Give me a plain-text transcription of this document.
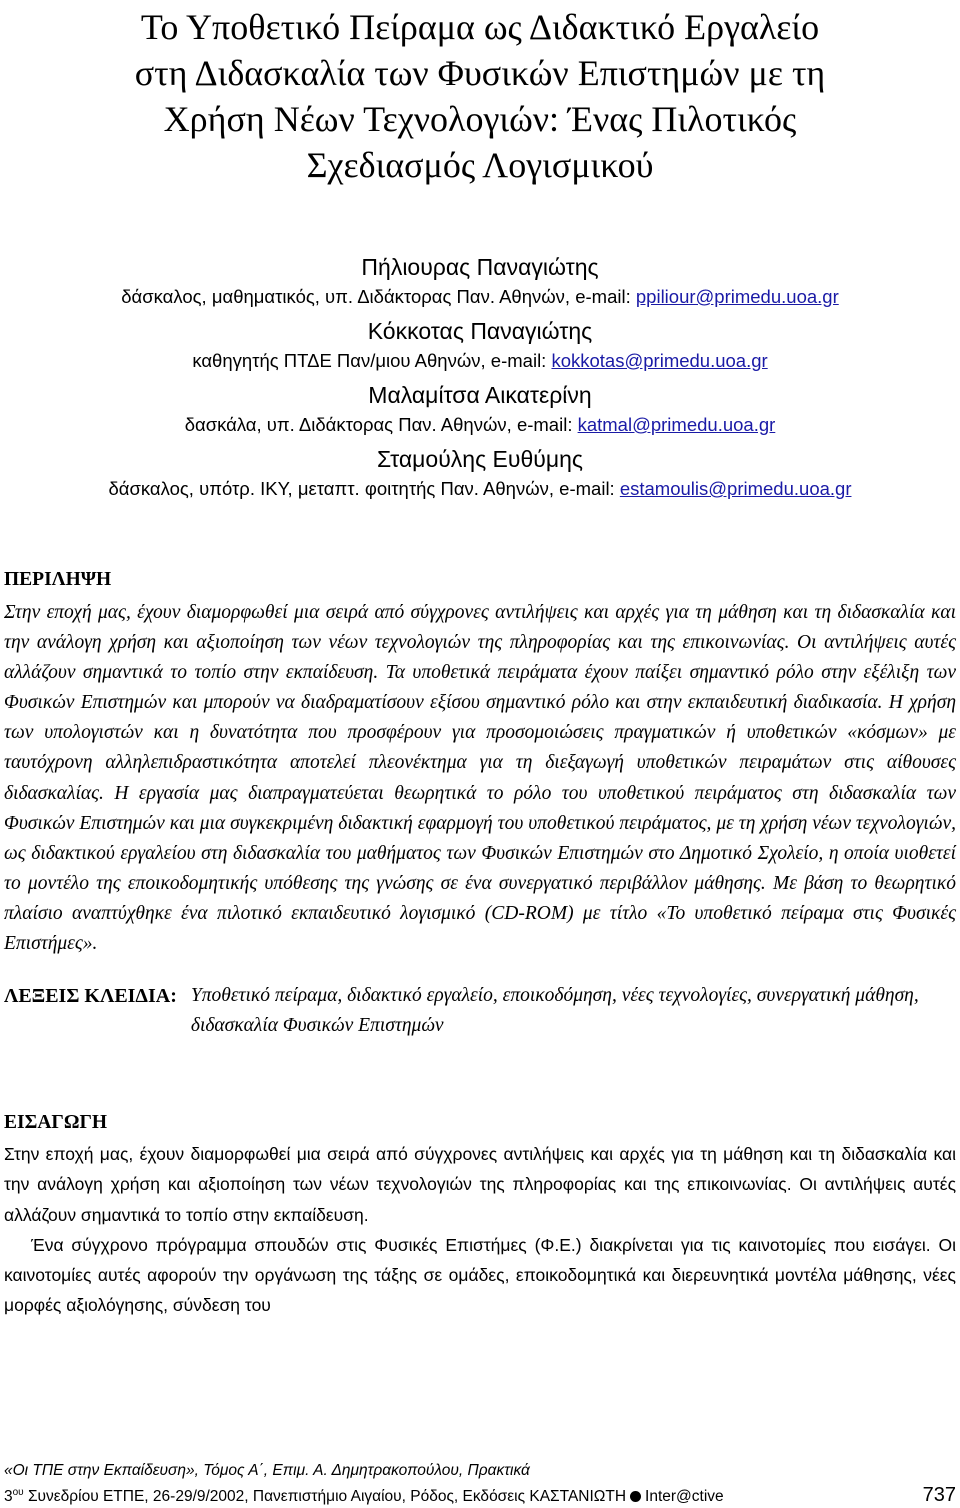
Το Υποθετικό Πείραμα ως Διδακτικό Εργαλείο
στη Διδασκαλία των Φυσικών Επιστημών με τη
Χρήση Νέων Τεχνολογιών: Ένας Πιλοτικός
Σχεδιασμός Λογισμικού
Πήλιουρας Παναγιώτης
δάσκαλος, μαθηματικός, υπ. Διδάκτορας Παν. Αθηνών, e-mail: ppiliour@primedu.uoa.gr
Κόκκοτας Παναγιώτης
καθηγητής ΠΤΔΕ Παν/μιου Αθηνών, e-mail: kokkotas@primedu.uoa.gr
Μαλαμίτσα Αικατερίνη
δασκάλα, υπ. Διδάκτορας Παν. Αθηνών, e-mail: katmal@primedu.uoa.gr
Σταμούλης Ευθύμης
δάσκαλος, υπότρ. ΙΚΥ, μεταπτ. φοιτητής Παν. Αθηνών, e-mail: estamoulis@primedu.uoa.gr
ΠΕΡΙΛΗΨΗ

Στην εποχή μας, έχουν διαμορφωθεί μια σειρά από σύγχρονες αντιλήψεις και αρχές για τη μάθηση και τη διδασκαλία και την ανάλογη χρήση και αξιοποίηση των νέων τεχνολογιών της πληροφορίας και της επικοινωνίας. Οι αντιλήψεις αυτές αλλάζουν σημαντικά το τοπίο στην εκπαίδευση. Τα υποθετικά πειράματα έχουν παίξει σημαντικό ρόλο στην εξέλιξη των Φυσικών Επιστημών και μπορούν να διαδραματίσουν εξίσου σημαντικό ρόλο και στην εκπαιδευτική διαδικασία. Η χρήση των υπολογιστών και η δυνατότητα που προσφέρουν για προσομοιώσεις πραγματικών ή υποθετικών «κόσμων» με ταυτόχρονη αλληλεπιδραστικότητα αποτελεί πλεονέκτημα για τη διεξαγωγή υποθετικών πειραμάτων στις αίθουσες διδασκαλίας. Η εργασία μας διαπραγματεύεται θεωρητικά το ρόλο του υποθετικού πειράματος στη διδασκαλία των Φυσικών Επιστημών και μια συγκεκριμένη διδακτική εφαρμογή του υποθετικού πειράματος, με τη χρήση νέων τεχνολογιών, ως διδακτικού εργαλείου στη διδασκαλία του μαθήματος των Φυσικών Επιστημών στο Δημοτικό Σχολείο, η οποία υιοθετεί το μοντέλο της εποικοδομητικής υπόθεσης της γνώσης σε ένα συνεργατικό περιβάλλον μάθησης. Με βάση το θεωρητικό πλαίσιο αναπτύχθηκε ένα πιλοτικό εκπαιδευτικό λογισμικό (CD-ROM) με τίτλο «Το υποθετικό πείραμα στις Φυσικές Επιστήμες».

ΛΕΞΕΙΣ ΚΛΕΙΔΙΑ: Υποθετικό πείραμα, διδακτικό εργαλείο, εποικοδόμηση, νέες τεχνολογίες, συνεργατική μάθηση, διδασκαλία Φυσικών Επιστημών
ΕΙΣΑΓΩΓΗ

Στην εποχή μας, έχουν διαμορφωθεί μια σειρά από σύγχρονες αντιλήψεις και αρχές για τη μάθηση και τη διδασκαλία και την ανάλογη χρήση και αξιοποίηση των νέων τεχνολογιών της πληροφορίας και της επικοινωνίας. Οι αντιλήψεις αυτές αλλάζουν σημαντικά το τοπίο στην εκπαίδευση.

Ένα σύγχρονο πρόγραμμα σπουδών στις Φυσικές Επιστήμες (Φ.Ε.) διακρίνεται για τις καινοτομίες που εισάγει. Οι καινοτομίες αυτές αφορούν την οργάνωση της τάξης σε ομάδες, εποικοδομητικά και διερευνητικά μοντέλα μάθησης, νέες μορφές αξιολόγησης, σύνδεση του

«Οι ΤΠΕ στην Εκπαίδευση», Τόμος Α΄, Επιμ. Α. Δημητρακοπούλου, Πρακτικά
$3^{o\upsilon}$ Συνεδρίου ΕΤΠΕ, 26-29/9/2002, Πανεπιστήμιο Αιγαίου, Ρόδος, Εκδόσεις ΚΑΣΤΑΝΙΩΤΗ Inter@ctive	737
